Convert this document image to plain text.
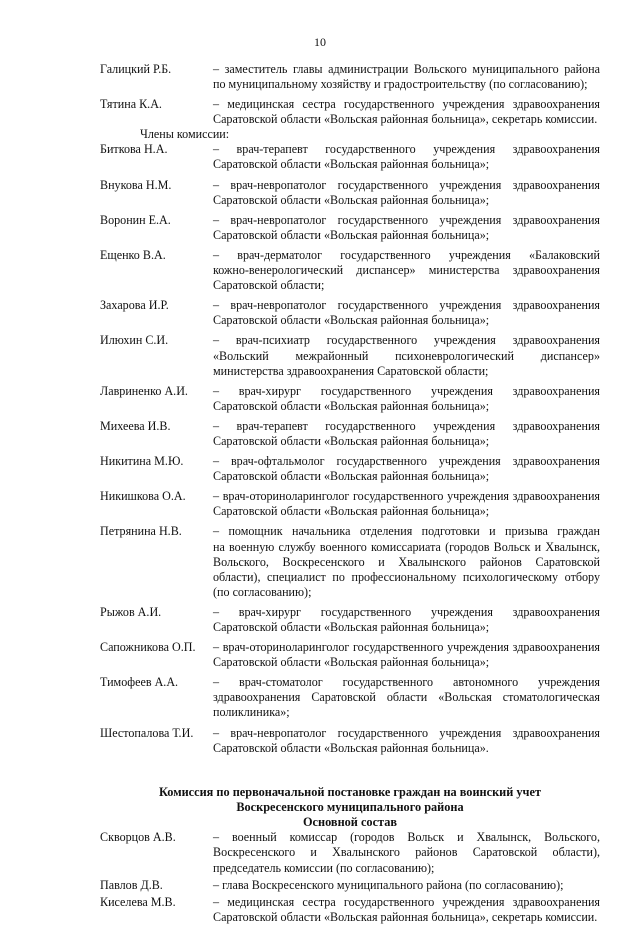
10
Галицкий Р.Б.	– заместитель главы администрации Вольского муниципального района
по муниципальному хозяйству и градостроительству (по согласованию);
Тятина К.А.	– медицинская сестра государственного учреждения здравоохранения
Саратовской области «Вольская районная больница», секретарь комиссии.
Члены комиссии:
Биткова Н.А.	– врач-терапевт государственного учреждения здравоохранения
Саратовской области «Вольская районная больница»;
Внукова Н.М.	– врач-невропатолог государственного учреждения здравоохранения
Саратовской области «Вольская районная больница»;
Воронин Е.А.	– врач-невропатолог государственного учреждения здравоохранения
Саратовской области «Вольская районная больница»;
Ещенко В.А.	– врач-дерматолог государственного учреждения «Балаковский
кожно-венерологический диспансер» министерства здравоохранения
Саратовской области;
Захарова И.Р.	– врач-невропатолог государственного учреждения здравоохранения
Саратовской области «Вольская районная больница»;
Илюхин С.И.	– врач-психиатр государственного учреждения здравоохранения
«Вольский межрайонный психоневрологический диспансер»
министерства здравоохранения Саратовской области;
Лавриненко А.И.	– врач-хирург государственного учреждения здравоохранения
Саратовской области «Вольская районная больница»;
Михеева И.В.	– врач-терапевт государственного учреждения здравоохранения
Саратовской области «Вольская районная больница»;
Никитина М.Ю.	– врач-офтальмолог государственного учреждения здравоохранения
Саратовской области «Вольская районная больница»;
Никишкова О.А.	– врач-оториноларинголог государственного учреждения здравоохранения
Саратовской области «Вольская районная больница»;
Петрянина Н.В.	– помощник начальника отделения подготовки и призыва граждан
на военную службу военного комиссариата (городов Вольск и Хвалынск,
Вольского, Воскресенского и Хвалынского районов Саратовской
области), специалист по профессиональному психологическому отбору
(по согласованию);
Рыжов А.И.	– врач-хирург государственного учреждения здравоохранения
Саратовской области «Вольская районная больница»;
Сапожникова О.П.	– врач-оториноларинголог государственного учреждения здравоохранения
Саратовской области «Вольская районная больница»;
Тимофеев А.А.	– врач-стоматолог государственного автономного учреждения
здравоохранения Саратовской области «Вольская стоматологическая
поликлиника»;
Шестопалова Т.И.	– врач-невропатолог государственного учреждения здравоохранения
Саратовской области «Вольская районная больница».
Комиссия по первоначальной постановке граждан на воинский учет
Воскресенского муниципального района
Основной состав
Скворцов А.В.	– военный комиссар (городов Вольск и Хвалынск, Вольского,
Воскресенского и Хвалынского районов Саратовской области),
председатель комиссии (по согласованию);
Павлов Д.В.	– глава Воскресенского муниципального района (по согласованию);
Киселева М.В.	– медицинская сестра государственного учреждения здравоохранения
Саратовской области «Вольская районная больница», секретарь комиссии.
